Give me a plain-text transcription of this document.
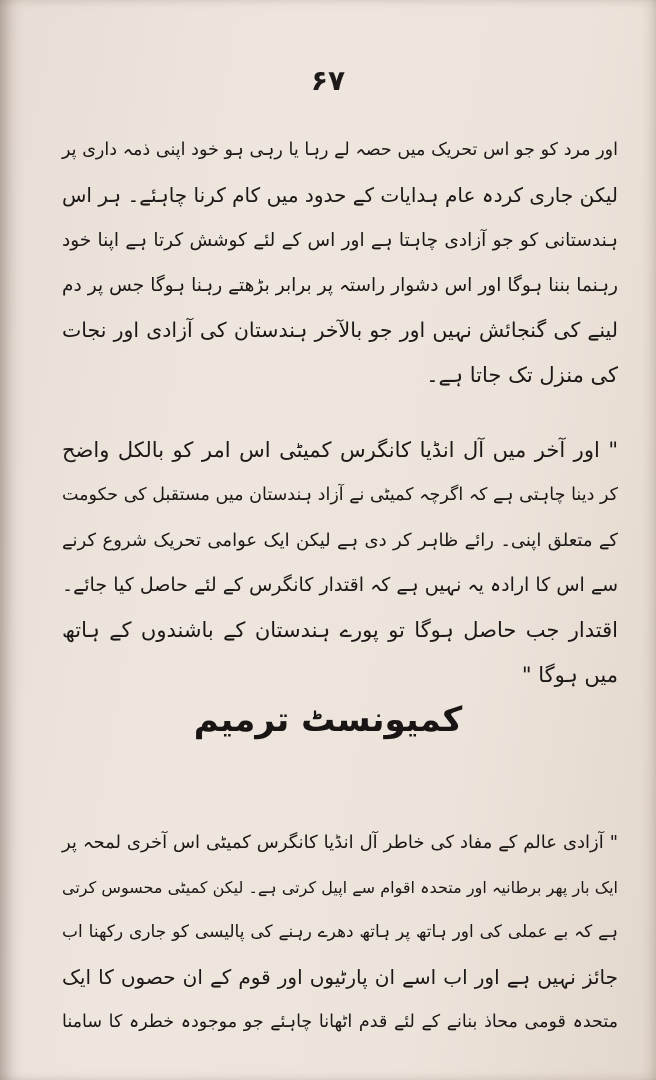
۶۷
اور مرد کو جو اس تحریک میں حصہ لے رہا یا رہی ہو خود اپنی ذمہ داری پر
لیکن جاری کردہ عام ہدایات کے حدود میں کام کرنا چاہئے۔ ہر اس
ہندستانی کو جو آزادی چاہتا ہے اور اس کے لئے کوشش کرتا ہے اپنا خود
رہنما بننا ہوگا اور اس دشوار راستہ پر برابر بڑھتے رہنا ہوگا جس پر دم
لینے کی گنجائش نہیں اور جو بالآخر ہندستان کی آزادی اور نجات
کی منزل تک جاتا ہے۔
" اور آخر میں آل انڈیا کانگرس کمیٹی اس امر کو بالکل واضح
کر دینا چاہتی ہے کہ اگرچہ کمیٹی نے آزاد ہندستان میں مستقبل کی حکومت
کے متعلق اپنی۔ رائے ظاہر کر دی ہے لیکن ایک عوامی تحریک شروع کرنے
سے اس کا ارادہ یہ نہیں ہے کہ اقتدار کانگرس کے لئے حاصل کیا جائے۔
اقتدار جب حاصل ہوگا تو پورے ہندستان کے باشندوں کے ہاتھ
میں ہوگا "
کمیونسٹ ترمیم
" آزادی عالم کے مفاد کی خاطر آل انڈیا کانگرس کمیٹی اس آخری لمحہ پر
ایک بار پھر برطانیہ اور متحدہ اقوام سے اپیل کرتی ہے۔ لیکن کمیٹی محسوس کرتی
ہے کہ بے عملی کی اور ہاتھ پر ہاتھ دھرے رہنے کی پالیسی کو جاری رکھنا اب
جائز نہیں ہے اور اب اسے ان پارٹیوں اور قوم کے ان حصوں کا ایک
متحدہ قومی محاذ بنانے کے لئے قدم اٹھانا چاہئے جو موجودہ خطرہ کا سامنا
